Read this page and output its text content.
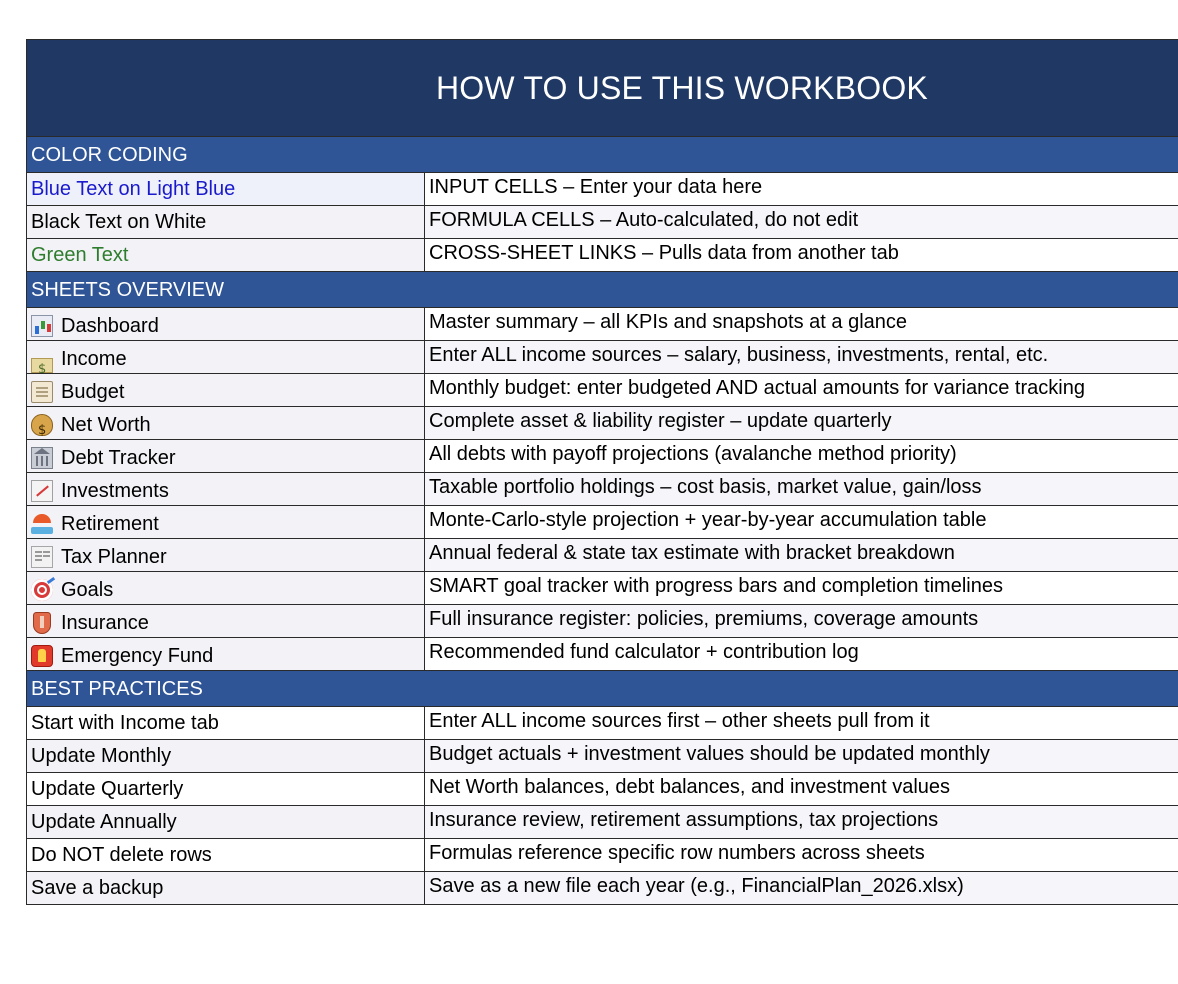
HOW TO USE THIS WORKBOOK
COLOR CODING
Blue Text on Light Blue	INPUT CELLS – Enter your data here
Black Text on White	FORMULA CELLS – Auto-calculated, do not edit
Green Text	CROSS-SHEET LINKS – Pulls data from another tab
SHEETS OVERVIEW
Dashboard	Master summary – all KPIs and snapshots at a glance
$
Income	Enter ALL income sources – salary, business, investments, rental, etc.
Budget	Monthly budget: enter budgeted AND actual amounts for variance tracking
$
Net Worth	Complete asset & liability register – update quarterly
Debt Tracker	All debts with payoff projections (avalanche method priority)
Investments	Taxable portfolio holdings – cost basis, market value, gain/loss
Retirement	Monte-Carlo-style projection + year-by-year accumulation table
Tax Planner	Annual federal & state tax estimate with bracket breakdown
Goals	SMART goal tracker with progress bars and completion timelines
Insurance	Full insurance register: policies, premiums, coverage amounts
Emergency Fund	Recommended fund calculator + contribution log
BEST PRACTICES
Start with Income tab	Enter ALL income sources first – other sheets pull from it
Update Monthly	Budget actuals + investment values should be updated monthly
Update Quarterly	Net Worth balances, debt balances, and investment values
Update Annually	Insurance review, retirement assumptions, tax projections
Do NOT delete rows	Formulas reference specific row numbers across sheets
Save a backup	Save as a new file each year (e.g., FinancialPlan_2026.xlsx)
